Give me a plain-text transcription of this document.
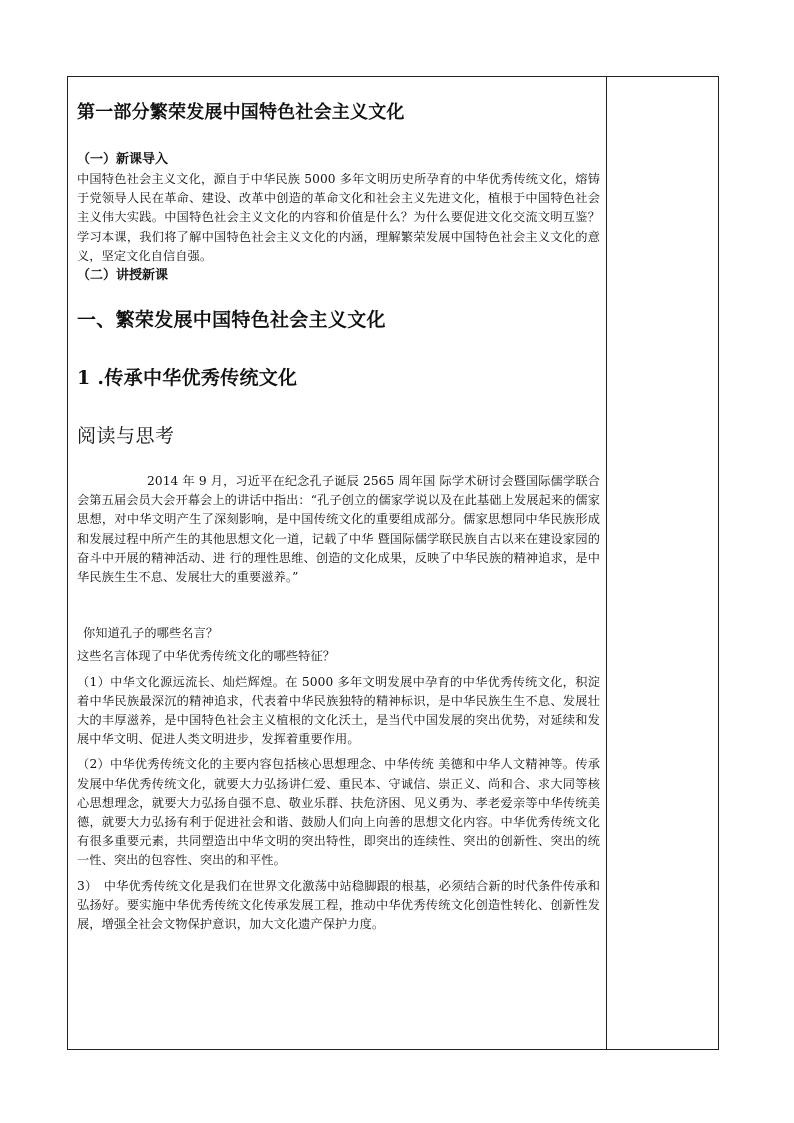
第一部分繁荣发展中国特色社会主义文化

（一）新课导入

中国特色社会主义文化，源自于中华民族 5000 多年文明历史所孕育的中华优秀传统文化，熔铸于党领导人民在革命、建设、改革中创造的革命文化和社会主义先进文化，植根于中国特色社会主义伟大实践。中国特色社会主义文化的内容和价值是什么？为什么要促进文化交流文明互鉴？学习本课，我们将了解中国特色社会主义文化的内涵，理解繁荣发展中国特色社会主义文化的意义，坚定文化自信自强。

（二）讲授新课

一、繁荣发展中国特色社会主义文化

1 .传承中华优秀传统文化

阅读与思考

2014 年 9 月，习近平在纪念孔子诞辰 2565 周年国 际学术研讨会暨国际儒学联合会第五届会员大会开幕会上的讲话中指出：“孔子创立的儒家学说以及在此基础上发展起来的儒家思想，对中华文明产生了深刻影响，是中国传统文化的重要组成部分。儒家思想同中华民族形成和发展过程中所产生的其他思想文化一道，记载了中华 暨国际儒学联民族自古以来在建设家园的奋斗中开展的精神活动、进 行的理性思维、创造的文化成果，反映了中华民族的精神追求，是中华民族生生不息、发展壮大的重要滋养。”

你知道孔子的哪些名言？

这些名言体现了中华优秀传统文化的哪些特征？

（1）中华文化源远流长、灿烂辉煌。在 5000 多年文明发展中孕育的中华优秀传统文化，积淀着中华民族最深沉的精神追求，代表着中华民族独特的精神标识，是中华民族生生不息、发展壮大的丰厚滋养，是中国特色社会主义植根的文化沃土，是当代中国发展的突出优势，对延续和发展中华文明、促进人类文明进步，发挥着重要作用。

（2）中华优秀传统文化的主要内容包括核心思想理念、中华传统 美德和中华人文精神等。传承发展中华优秀传统文化，就要大力弘扬讲仁爱、重民本、守诚信、崇正义、尚和合、求大同等核心思想理念，就要大力弘扬自强不息、敬业乐群、扶危济困、见义勇为、孝老爱亲等中华传统美德，就要大力弘扬有利于促进社会和谐、鼓励人们向上向善的思想文化内容。中华优秀传统文化有很多重要元素，共同塑造出中华文明的突出特性，即突出的连续性、突出的创新性、突出的统一性、突出的包容性、突出的和平性。

3）　中华优秀传统文化是我们在世界文化激荡中站稳脚跟的根基，必须结合新的时代条件传承和弘扬好。要实施中华优秀传统文化传承发展工程，推动中华优秀传统文化创造性转化、创新性发展，增强全社会文物保护意识，加大文化遗产保护力度。
